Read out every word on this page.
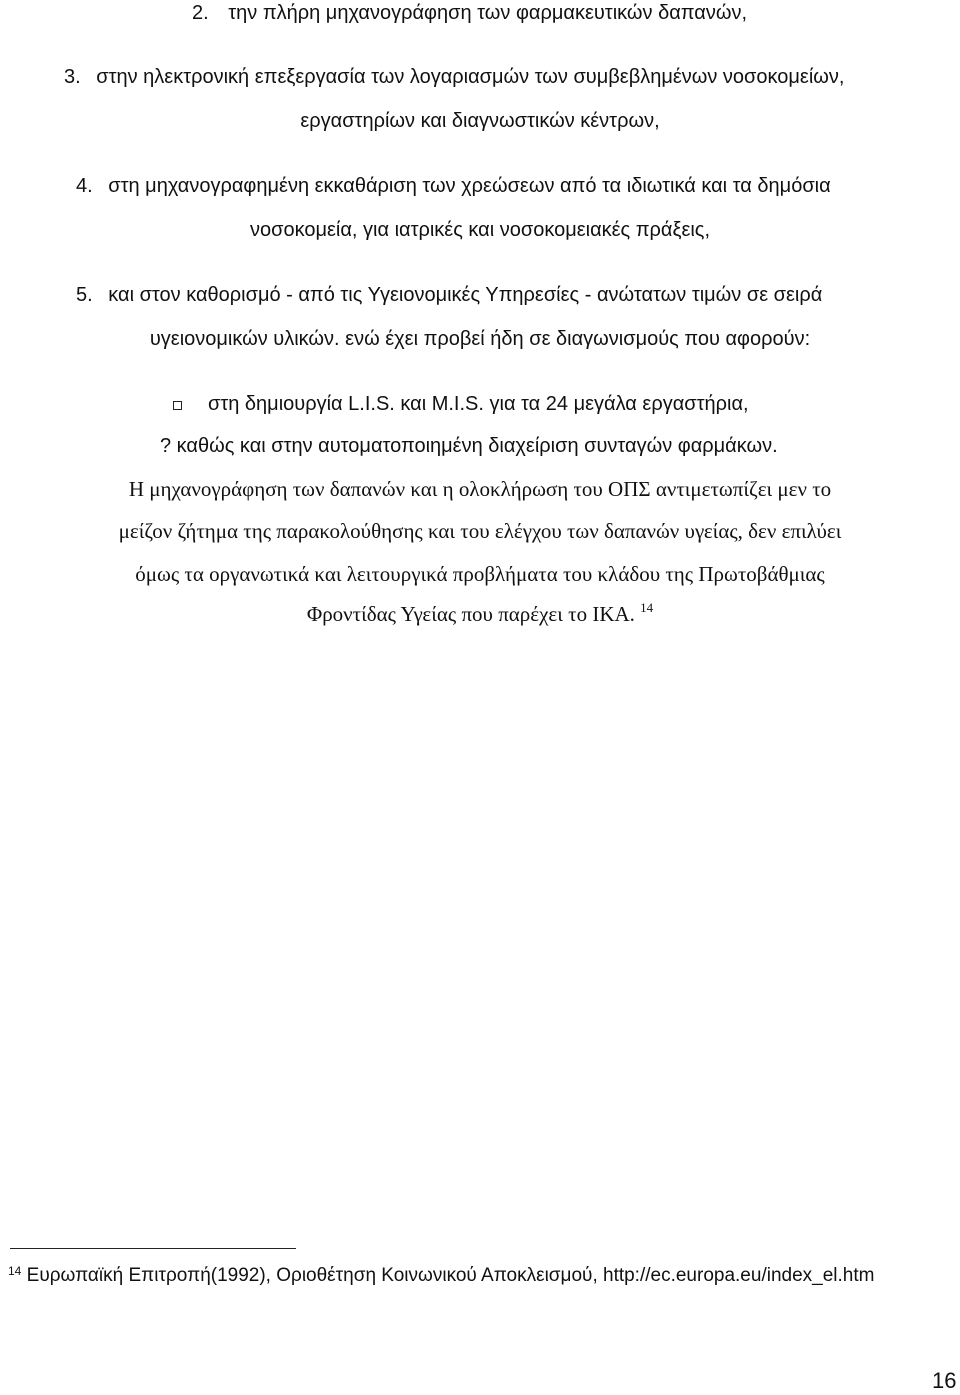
2. την πλήρη μηχανογράφηση των φαρμακευτικών δαπανών,
3. στην ηλεκτρονική επεξεργασία των λογαριασμών των συμβεβλημένων νοσοκομείων,
εργαστηρίων και διαγνωστικών κέντρων,
4. στη μηχανογραφημένη εκκαθάριση των χρεώσεων από τα ιδιωτικά και τα δημόσια
νοσοκομεία, για ιατρικές και νοσοκομειακές πράξεις,
5. και στον καθορισμό - από τις Υγειονομικές Υπηρεσίες - ανώτατων τιμών σε σειρά
υγειονομικών υλικών. ενώ έχει προβεί ήδη σε διαγωνισμούς που αφορούν:
στη δημιουργία L.I.S. και M.I.S. για τα 24 μεγάλα εργαστήρια,
? καθώς και στην αυτοματοποιημένη διαχείριση συνταγών φαρμάκων.
Η μηχανογράφηση των δαπανών και η ολοκλήρωση του ΟΠΣ αντιμετωπίζει μεν το
μείζον ζήτημα της παρακολούθησης και του ελέγχου των δαπανών υγείας, δεν επιλύει
όμως τα οργανωτικά και λειτουργικά προβλήματα του κλάδου της Πρωτοβάθμιας
Φροντίδας Υγείας που παρέχει το ΙΚΑ. $^{14}$
$^{14}$ Ευρωπαϊκή Επιτροπή(1992), Οριοθέτηση Κοινωνικού Αποκλεισμού, http://ec.europa.eu/index_el.htm
16
